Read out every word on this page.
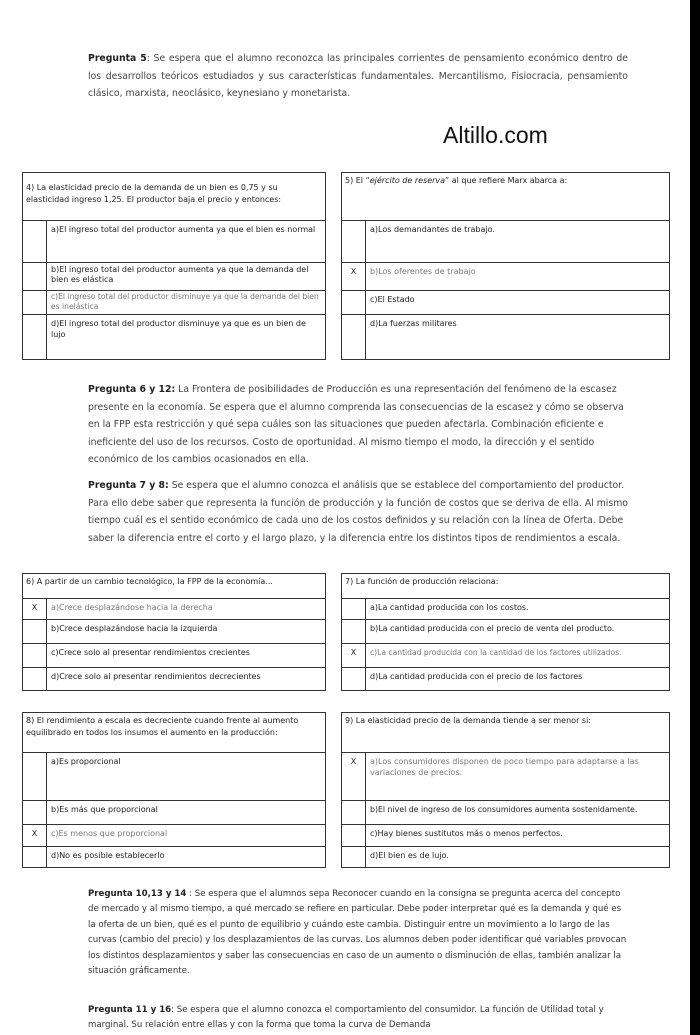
Pregunta 5: Se espera que el alumno reconozca las principales corrientes de pensamiento económico dentro de los desarrollos teóricos estudiados y sus características fundamentales. Mercantilismo, Fisiocracia, pensamiento clásico, marxista, neoclásico, keynesiano y monetarista.
Altillo.com
4) La elasticidad precio de la demanda de un bien es 0,75 y su elasticidad ingreso 1,25. El productor baja el precio y entonces:
a)El ingreso total del productor aumenta ya que el bien es normal
b)El ingreso total del productor aumenta ya que la demanda del bien es elástica
c)El ingreso total del productor disminuye ya que la demanda del bien es inelástica
d)El ingreso total del productor disminuye ya que es un bien de lujo
5) El “ejército de reserva” al que refiere Marx abarca a:
a)Los demandantes de trabajo.
X	b)Los oferentes de trabajo
c)El Estado
d)La fuerzas militares
Pregunta 6 y 12: La Frontera de posibilidades de Producción es una representación del fenómeno de la escasez presente en la economía. Se espera que el alumno comprenda las consecuencias de la escasez y cómo se observa en la FPP esta restricción y qué sepa cuáles son las situaciones que pueden afectarla. Combinación eficiente e ineficiente del uso de los recursos. Costo de oportunidad. Al mismo tiempo el modo, la dirección y el sentido económico de los cambios ocasionados en ella.
Pregunta 7 y 8: Se espera que el alumno conozca el análisis que se establece del comportamiento del productor. Para ello debe saber que representa la función de producción y la función de costos que se deriva de ella. Al mismo tiempo cuál es el sentido económico de cada uno de los costos definidos y su relación con la línea de Oferta. Debe saber la diferencia entre el corto y el largo plazo, y la diferencia entre los distintos tipos de rendimientos a escala.
6) A partir de un cambio tecnológico, la FPP de la economía...
X	a)Crece desplazándose hacia la derecha
b)Crece desplazándose hacia la izquierda
c)Crece solo al presentar rendimientos crecientes
d)Crece solo al presentar rendimientos decrecientes
7) La función de producción relaciona:
a)La cantidad producida con los costos.
b)La cantidad producida con el precio de venta del producto.
X	c)La cantidad producida con la cantidad de los factores utilizados.
d)La cantidad producida con el precio de los factores
8) El rendimiento a escala es decreciente cuando frente al aumento equilibrado en todos los insumos el aumento en la producción:
a)Es proporcional
b)Es más que proporcional
X	c)Es menos que proporcional
d)No es posible establecerlo
9) La elasticidad precio de la demanda tiende a ser menor si:
X	a)Los consumidores disponen de poco tiempo para adaptarse a las variaciones de precios.
b)El nivel de ingreso de los consumidores aumenta sostenidamente.
c)Hay bienes sustitutos más o menos perfectos.
d)El bien es de lujo.
Pregunta 10,13 y 14 : Se espera que el alumnos sepa Reconocer cuando en la consigna se pregunta acerca del concepto de mercado y al mismo tiempo, a qué mercado se refiere en particular. Debe poder interpretar qué es la demanda y qué es la oferta de un bien, qué es el punto de equilibrio y cuándo este cambia. Distinguir entre un movimiento a lo largo de las curvas (cambio del precio) y los desplazamientos de las curvas. Los alumnos deben poder identificar qué variables provocan los distintos desplazamientos y saber las consecuencias en caso de un aumento o disminución de ellas, también analizar la situación gráficamente.
Pregunta 11 y 16: Se espera que el alumno conozca el comportamiento del consumidor. La función de Utilidad total y marginal. Su relación entre ellas y con la forma que toma la curva de Demanda
